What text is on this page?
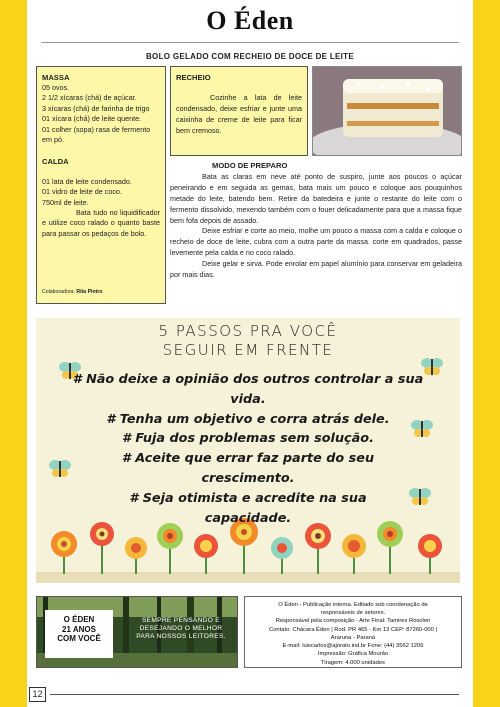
O Éden
BOLO GELADO COM RECHEIO DE DOCE DE LEITE
MASSA

05 ovos.

2 1/2 xícaras (chá) de açúcar.

3 xícaras (chá) de farinha de trigo

01 xícara (chá) de leite quente.

01 colher (sopa) rasa de fermento em pó.

CALDA

01 lata de leite condensado.

01 vidro de leite de coco.

750ml de leite.

Bata tudo no liquidificador e utilize coco ralado o quanto baste para passar os pedaços de bolo.

Colaboradora: Rita Pintro
RECHEIO

Cozinhe a lata de leite condensado, deixe esfriar e junte uma caixinha de creme de leite para ficar bem cremoso.

MODO DE PREPARO

Bata as claras em neve até ponto de suspiro, junte aos poucos o açúcar peneirando e em seguida as gemas, bata mais um pouco e coloque aos pouquinhos metade do leite, batendo bem. Retire da batedeira e junte o restante do leite com o fermento dissolvido, mexendo também com o fouer delicadamente para que a massa fique bem fofa depois de assado.

Deixe esfriar e corte ao meio, molhe um pouco a massa com a calda e coloque o recheio de doce de leite, cubra com a outra parte da massa. corte em quadrados, passe levemente pela calda e no coco ralado.

Deixe gelar e sirva. Pode enrolar em papel alumínio para conservar em geladeira por mais dias.

5 PASSOS PRA VOCÊ
SEGUIR EM FRENTE
# Não deixe a opinião dos outros controlar a sua vida.
# Tenha um objetivo e corra atrás dele.
# Fuja dos problemas sem solução.
# Aceite que errar faz parte do seu crescimento.
# Seja otimista e acredite na sua capacidade.
O ÉDEN
21 ANOS
COM VOCÊ
SEMPRE PENSANDO E
DESEJANDO O MELHOR
PARA NOSSOS LEITORES.
O Éden - Publicação interna. Editado sob coordenação de
responsáveis de setores.
Responsável pela composição - Arte Final: Tamires Rosolen
Contato: Chácara Éden | Rod. PR 465 - Km 13 CEP: 87260-000 |
Araruna - Paraná
E-mail: luiscarlos@ajorato.ind.br Fone: (44) 3562 1206
Impressão: Gráfica Mourão
Tiragem: 4.000 unidades
12
